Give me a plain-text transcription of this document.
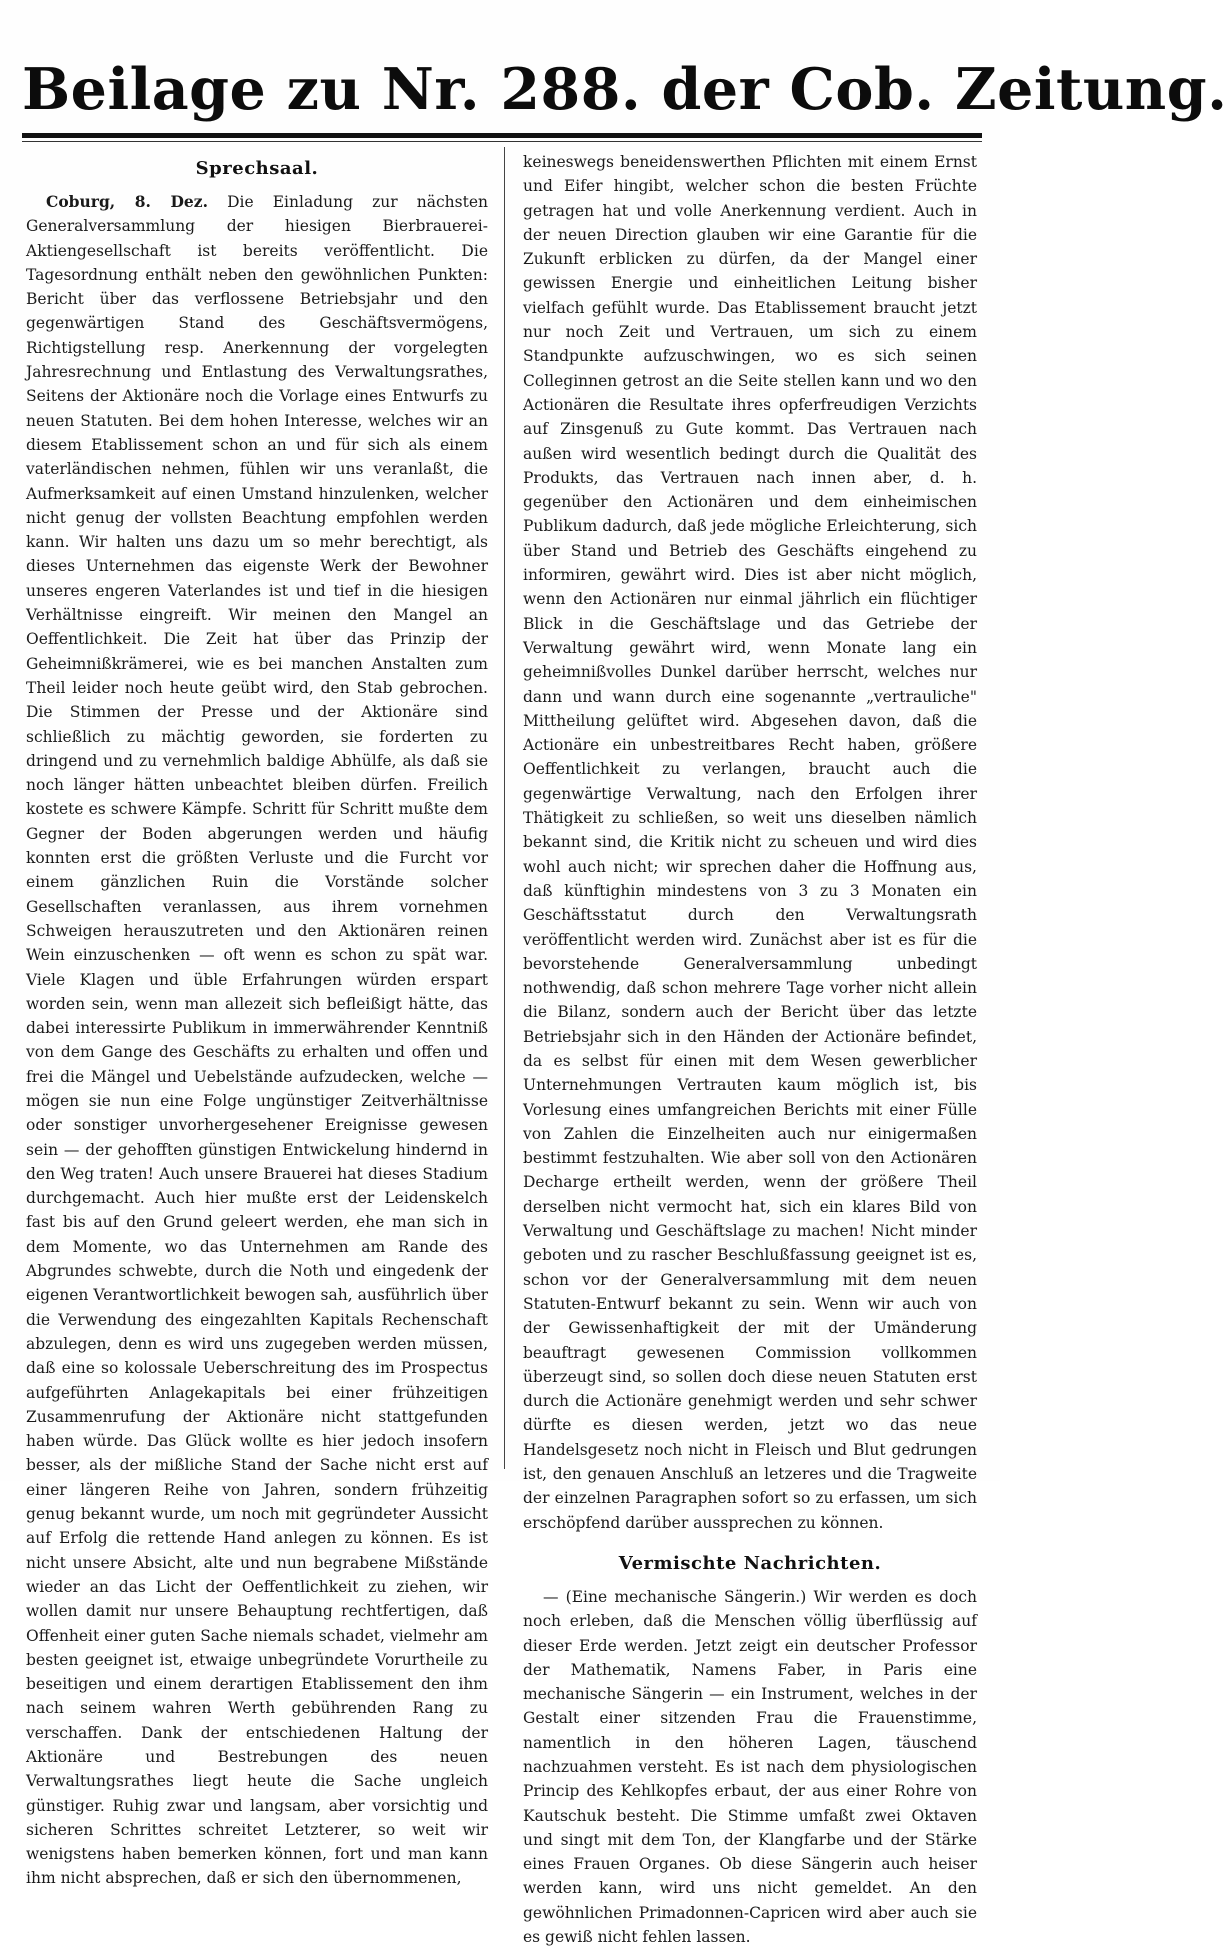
Beilage zu Nr. 288. der Cob. Zeitung.
Sprechsaal.

Coburg, 8. Dez. Die Einladung zur nächsten Generalversammlung der hiesigen Bierbrauerei-Aktiengesellschaft ist bereits veröffentlicht. Die Tagesordnung enthält neben den gewöhnlichen Punkten: Bericht über das verflossene Betriebsjahr und den gegenwärtigen Stand des Geschäftsvermögens, Richtigstellung resp. Anerkennung der vorgelegten Jahresrechnung und Entlastung des Verwaltungsrathes, Seitens der Aktionäre noch die Vorlage eines Entwurfs zu neuen Statuten. Bei dem hohen Interesse, welches wir an diesem Etablissement schon an und für sich als einem vaterländischen nehmen, fühlen wir uns veranlaßt, die Aufmerksamkeit auf einen Umstand hinzulenken, welcher nicht genug der vollsten Beachtung empfohlen werden kann. Wir halten uns dazu um so mehr berechtigt, als dieses Unternehmen das eigenste Werk der Bewohner unseres engeren Vaterlandes ist und tief in die hiesigen Verhältnisse eingreift. Wir meinen den Mangel an Oeffentlichkeit. Die Zeit hat über das Prinzip der Geheimnißkrämerei, wie es bei manchen Anstalten zum Theil leider noch heute geübt wird, den Stab gebrochen. Die Stimmen der Presse und der Aktionäre sind schließlich zu mächtig geworden, sie forderten zu dringend und zu vernehmlich baldige Abhülfe, als daß sie noch länger hätten unbeachtet bleiben dürfen. Freilich kostete es schwere Kämpfe. Schritt für Schritt mußte dem Gegner der Boden abgerungen werden und häufig konnten erst die größten Verluste und die Furcht vor einem gänzlichen Ruin die Vorstände solcher Gesellschaften veranlassen, aus ihrem vornehmen Schweigen herauszutreten und den Aktionären reinen Wein einzuschenken — oft wenn es schon zu spät war. Viele Klagen und üble Erfahrungen würden erspart worden sein, wenn man allezeit sich befleißigt hätte, das dabei interessirte Publikum in immerwährender Kenntniß von dem Gange des Geschäfts zu erhalten und offen und frei die Mängel und Uebelstände aufzudecken, welche — mögen sie nun eine Folge ungünstiger Zeitverhältnisse oder sonstiger unvorhergesehener Ereignisse gewesen sein — der gehofften günstigen Entwickelung hindernd in den Weg traten! Auch unsere Brauerei hat dieses Stadium durchgemacht. Auch hier mußte erst der Leidenskelch fast bis auf den Grund geleert werden, ehe man sich in dem Momente, wo das Unternehmen am Rande des Abgrundes schwebte, durch die Noth und eingedenk der eigenen Verantwortlichkeit bewogen sah, ausführlich über die Verwendung des eingezahlten Kapitals Rechenschaft abzulegen, denn es wird uns zugegeben werden müssen, daß eine so kolossale Ueberschreitung des im Prospectus aufgeführten Anlagekapitals bei einer frühzeitigen Zusammenrufung der Aktionäre nicht stattgefunden haben würde. Das Glück wollte es hier jedoch insofern besser, als der mißliche Stand der Sache nicht erst auf einer längeren Reihe von Jahren, sondern frühzeitig genug bekannt wurde, um noch mit gegründeter Aussicht auf Erfolg die rettende Hand anlegen zu können. Es ist nicht unsere Absicht, alte und nun begrabene Mißstände wieder an das Licht der Oeffentlichkeit zu ziehen, wir wollen damit nur unsere Behauptung rechtfertigen, daß Offenheit einer guten Sache niemals schadet, vielmehr am besten geeignet ist, etwaige unbegründete Vorurtheile zu beseitigen und einem derartigen Etablissement den ihm nach seinem wahren Werth gebührenden Rang zu verschaffen. Dank der entschiedenen Haltung der Aktionäre und Bestrebungen des neuen Verwaltungsrathes liegt heute die Sache ungleich günstiger. Ruhig zwar und langsam, aber vorsichtig und sicheren Schrittes schreitet Letzterer, so weit wir wenigstens haben bemerken können, fort und man kann ihm nicht absprechen, daß er sich den übernommenen,

keineswegs beneidenswerthen Pflichten mit einem Ernst und Eifer hingibt, welcher schon die besten Früchte getragen hat und volle Anerkennung verdient. Auch in der neuen Direction glauben wir eine Garantie für die Zukunft erblicken zu dürfen, da der Mangel einer gewissen Energie und einheitlichen Leitung bisher vielfach gefühlt wurde. Das Etablissement braucht jetzt nur noch Zeit und Vertrauen, um sich zu einem Standpunkte aufzuschwingen, wo es sich seinen Colleginnen getrost an die Seite stellen kann und wo den Actionären die Resultate ihres opferfreudigen Verzichts auf Zinsgenuß zu Gute kommt. Das Vertrauen nach außen wird wesentlich bedingt durch die Qualität des Produkts, das Vertrauen nach innen aber, d. h. gegenüber den Actionären und dem einheimischen Publikum dadurch, daß jede mögliche Erleichterung, sich über Stand und Betrieb des Geschäfts eingehend zu informiren, gewährt wird. Dies ist aber nicht möglich, wenn den Actionären nur einmal jährlich ein flüchtiger Blick in die Geschäftslage und das Getriebe der Verwaltung gewährt wird, wenn Monate lang ein geheimnißvolles Dunkel darüber herrscht, welches nur dann und wann durch eine sogenannte „vertrauliche" Mittheilung gelüftet wird. Abgesehen davon, daß die Actionäre ein unbestreitbares Recht haben, größere Oeffentlichkeit zu verlangen, braucht auch die gegenwärtige Verwaltung, nach den Erfolgen ihrer Thätigkeit zu schließen, so weit uns dieselben nämlich bekannt sind, die Kritik nicht zu scheuen und wird dies wohl auch nicht; wir sprechen daher die Hoffnung aus, daß künftighin mindestens von 3 zu 3 Monaten ein Geschäftsstatut durch den Verwaltungsrath veröffentlicht werden wird. Zunächst aber ist es für die bevorstehende Generalversammlung unbedingt nothwendig, daß schon mehrere Tage vorher nicht allein die Bilanz, sondern auch der Bericht über das letzte Betriebsjahr sich in den Händen der Actionäre befindet, da es selbst für einen mit dem Wesen gewerblicher Unternehmungen Vertrauten kaum möglich ist, bis Vorlesung eines umfangreichen Berichts mit einer Fülle von Zahlen die Einzelheiten auch nur einigermaßen bestimmt festzuhalten. Wie aber soll von den Actionären Decharge ertheilt werden, wenn der größere Theil derselben nicht vermocht hat, sich ein klares Bild von Verwaltung und Geschäftslage zu machen! Nicht minder geboten und zu rascher Beschlußfassung geeignet ist es, schon vor der Generalversammlung mit dem neuen Statuten-Entwurf bekannt zu sein. Wenn wir auch von der Gewissenhaftigkeit der mit der Umänderung beauftragt gewesenen Commission vollkommen überzeugt sind, so sollen doch diese neuen Statuten erst durch die Actionäre genehmigt werden und sehr schwer dürfte es diesen werden, jetzt wo das neue Handelsgesetz noch nicht in Fleisch und Blut gedrungen ist, den genauen Anschluß an letzeres und die Tragweite der einzelnen Paragraphen sofort so zu erfassen, um sich erschöpfend darüber aussprechen zu können.

Vermischte Nachrichten.

— (Eine mechanische Sängerin.) Wir werden es doch noch erleben, daß die Menschen völlig überflüssig auf dieser Erde werden. Jetzt zeigt ein deutscher Professor der Mathematik, Namens Faber, in Paris eine mechanische Sängerin — ein Instrument, welches in der Gestalt einer sitzenden Frau die Frauenstimme, namentlich in den höheren Lagen, täuschend nachzuahmen versteht. Es ist nach dem physiologischen Princip des Kehlkopfes erbaut, der aus einer Rohre von Kautschuk besteht. Die Stimme umfaßt zwei Oktaven und singt mit dem Ton, der Klangfarbe und der Stärke eines Frauen Organes. Ob diese Sängerin auch heiser werden kann, wird uns nicht gemeldet. An den gewöhnlichen Primadonnen-Capricen wird aber auch sie es gewiß nicht fehlen lassen.
